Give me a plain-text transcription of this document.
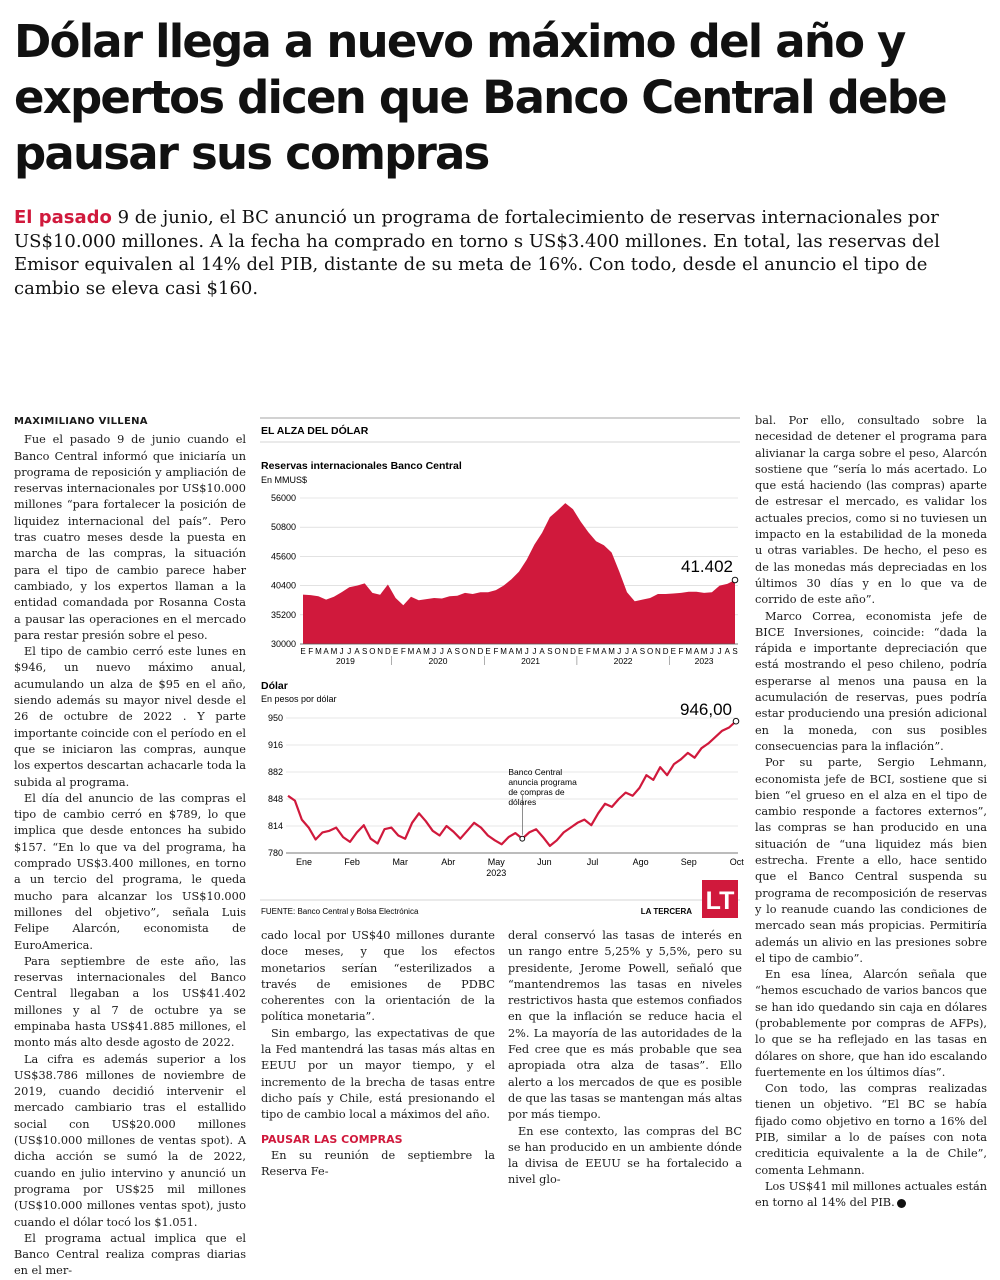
Dólar llega a nuevo máximo del año y expertos dicen que Banco Central debe pausar sus compras

El pasado 9 de junio, el BC anunció un programa de fortalecimiento de reservas internacionales por US$10.000 millones. A la fecha ha comprado en torno s US$3.400 millones. En total, las reservas del Emisor equivalen al 14% del PIB, distante de su meta de 16%. Con todo, desde el anuncio el tipo de cambio se eleva casi $160.

MAXIMILIANO VILLENA

Fue el pasado 9 de junio cuando el Banco Central informó que iniciaría un programa de reposición y ampliación de reservas internacionales por US$10.000 millones “para fortalecer la posición de liquidez internacional del país”. Pero tras cuatro meses desde la puesta en marcha de las compras, la situación para el tipo de cambio parece haber cambiado, y los expertos llaman a la entidad comandada por Rosanna Costa a pausar las operaciones en el mercado para restar presión sobre el peso.

El tipo de cambio cerró este lunes en $946, un nuevo máximo anual, acumulando un alza de $95 en el año, siendo además su mayor nivel desde el 26 de octubre de 2022 . Y parte importante coincide con el período en el que se iniciaron las compras, aunque los expertos descartan achacarle toda la subida al programa.

El día del anuncio de las compras el tipo de cambio cerró en $789, lo que implica que desde entonces ha subido $157. “En lo que va del programa, ha comprado US$3.400 millones, en torno a un tercio del programa, le queda mucho para alcanzar los US$10.000 millones del objetivo”, señala Luis Felipe Alarcón, economista de EuroAmerica.

Para septiembre de este año, las reservas internacionales del Banco Central llegaban a los US$41.402 millones y al 7 de octubre ya se empinaba hasta US$41.885 millones, el monto más alto desde agosto de 2022.

La cifra es además superior a los US$38.786 millones de noviembre de 2019, cuando decidió intervenir el mercado cambiario tras el estallido social con US$20.000 millones (US$10.000 millones de ventas spot). A dicha acción se sumó la de 2022, cuando en julio intervino y anunció un programa por US$25 mil millones (US$10.000 millones ventas spot), justo cuando el dólar tocó los $1.051.

El programa actual implica que el Banco Central realiza compras diarias en el mer-

cado local por US$40 millones durante doce meses, y que los efectos monetarios serían “esterilizados a través de emisiones de PDBC coherentes con la orientación de la política monetaria”.

Sin embargo, las expectativas de que la Fed mantendrá las tasas más altas en EEUU por un mayor tiempo, y el incremento de la brecha de tasas entre dicho país y Chile, está presionando el tipo de cambio local a máximos del año.

PAUSAR LAS COMPRAS

En su reunión de septiembre la Reserva Fe-

deral conservó las tasas de interés en un rango entre 5,25% y 5,5%, pero su presidente, Jerome Powell, señaló que “mantendremos las tasas en niveles restrictivos hasta que estemos confiados en que la inflación se reduce hacia el 2%. La mayoría de las autoridades de la Fed cree que es más probable que sea apropiada otra alza de tasas”. Ello alerto a los mercados de que es posible de que las tasas se mantengan más altas por más tiempo.

En ese contexto, las compras del BC se han producido en un ambiente dónde la divisa de EEUU se ha fortalecido a nivel glo-

bal. Por ello, consultado sobre la necesidad de detener el programa para alivianar la carga sobre el peso, Alarcón sostiene que “sería lo más acertado. Lo que está haciendo (las compras) aparte de estresar el mercado, es validar los actuales precios, como si no tuviesen un impacto en la estabilidad de la moneda u otras variables. De hecho, el peso es de las monedas más depreciadas en los últimos 30 días y en lo que va de corrido de este año”.

Marco Correa, economista jefe de BICE Inversiones, coincide: “dada la rápida e importante depreciación que está mostrando el peso chileno, podría esperarse al menos una pausa en la acumulación de reservas, pues podría estar produciendo una presión adicional en la moneda, con sus posibles consecuencias para la inflación”.

Por su parte, Sergio Lehmann, economista jefe de BCI, sostiene que si bien “el grueso en el alza en el tipo de cambio responde a factores externos”, las compras se han producido en una situación de “una liquidez más bien estrecha. Frente a ello, hace sentido que el Banco Central suspenda su programa de recomposición de reservas y lo reanude cuando las condiciones de mercado sean más propicias. Permitiría además un alivio en las presiones sobre el tipo de cambio”.

En esa línea, Alarcón señala que “hemos escuchado de varios bancos que se han ido quedando sin caja en dólares (probablemente por compras de AFPs), lo que se ha reflejado en las tasas en dólares on shore, que han ido escalando fuertemente en los últimos días”.

Con todo, las compras realizadas tienen un objetivo. “El BC se había fijado como objetivo en torno a 16% del PIB, similar a lo de países con nota crediticia equivalente a la de Chile”, comenta Lehmann.

Los US$41 mil millones actuales están en torno al 14% del PIB.

EL ALZA DEL DÓLAR
Reservas internacionales Banco Central
En MMUS$
56000
50800
45600
40400
35200
30000
E F M A M J J A S O N D E F M A M J J A S O N D E F M A M J J A S O N D E F M A M J J A S O N D E F M A M J J A S
2019	2020	2021	2022	2023
41.402
Dólar
En pesos por dólar
950
916
882
848
814
780
Ene	Feb	Mar	Abr	May	Jun	Jul	Ago	Sep	Oct
2023
Banco Central anuncia programa de compras de dólares
946,00
FUENTE: Banco Central y Bolsa Electrónica	LA TERCERA LT
